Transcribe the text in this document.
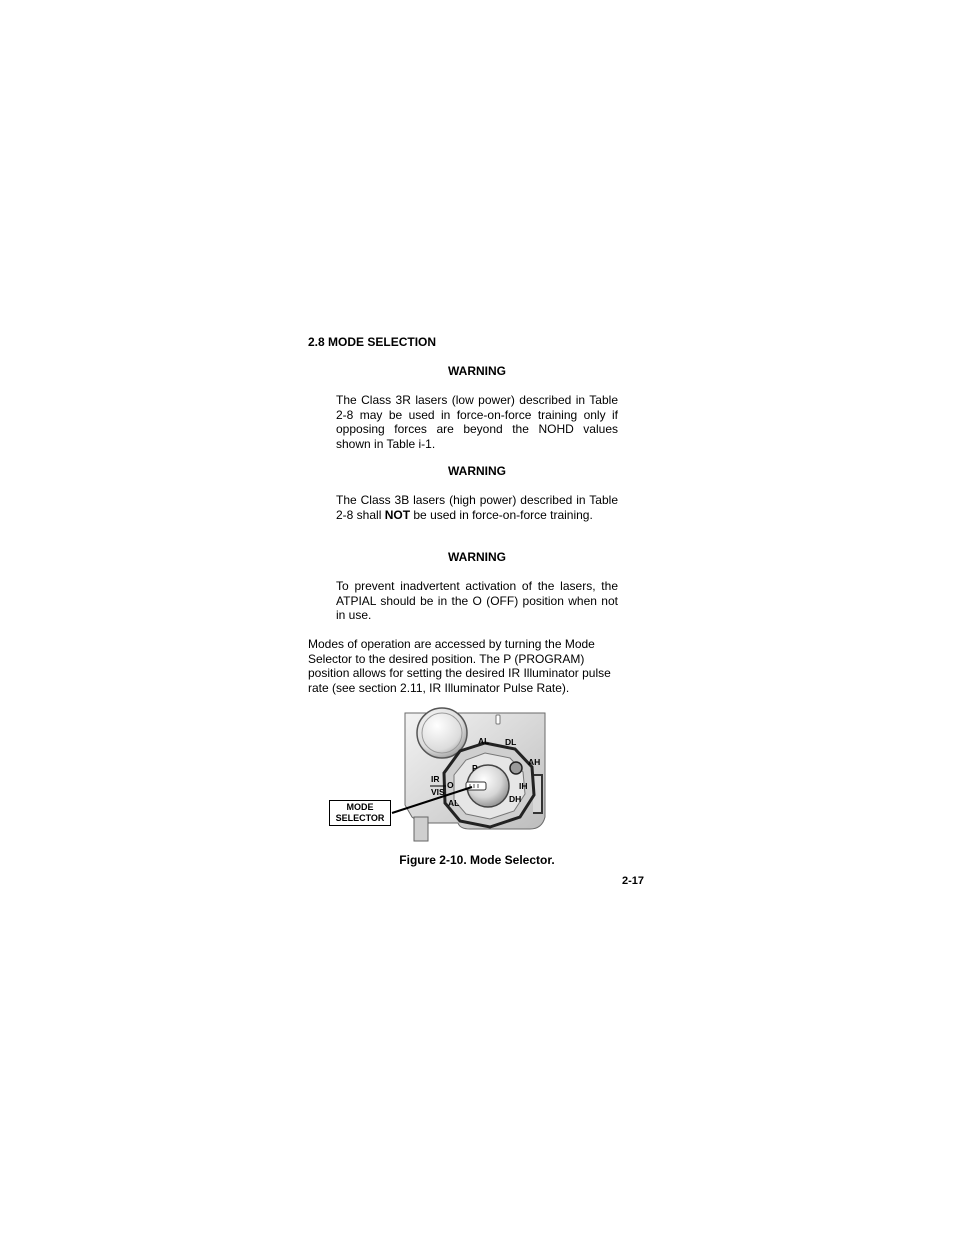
2.8 MODE SELECTION
WARNING
The Class 3R lasers (low power) described in Table 2-8 may be used in force-on-force training only if opposing forces are beyond the NOHD values shown in Table i-1.
WARNING
The Class 3B lasers (high power) described in Table 2-8 shall NOT be used in force-on-force training.
WARNING
To prevent inadvertent activation of the lasers, the ATPIAL should be in the O (OFF) position when not in use.
Modes of operation are accessed by turning the Mode Selector to the desired position. The P (PROGRAM) position allows for setting the desired IR Illuminator pulse rate (see section 2.11, IR Illuminator Pulse Rate).
AL DL
AH
P
IR
VIS
O	IH
AL	DH
MODE
SELECTOR
Figure 2-10. Mode Selector.
2-17
